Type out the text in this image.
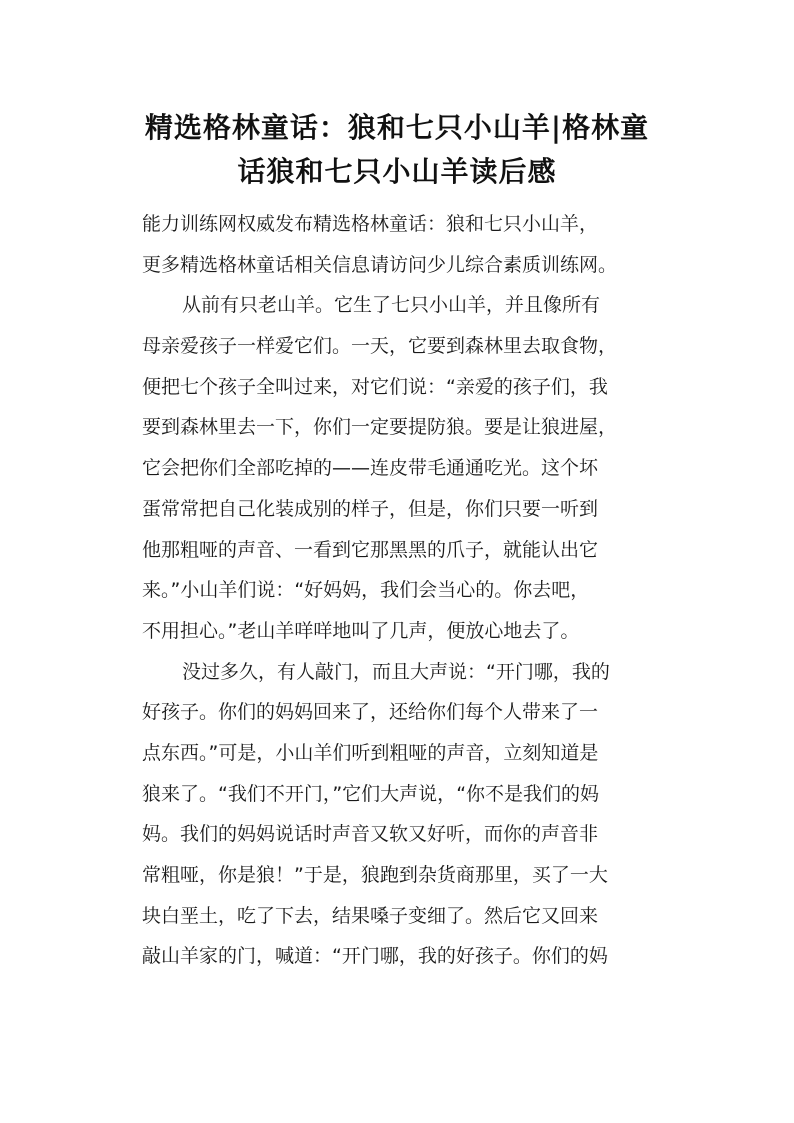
精选格林童话：狼和七只小山羊|格林童
话狼和七只小山羊读后感
能力训练网权威发布精选格林童话：狼和七只小山羊，
更多精选格林童话相关信息请访问少儿综合素质训练网。
从前有只老山羊。它生了七只小山羊，并且像所有
母亲爱孩子一样爱它们。一天，它要到森林里去取食物，
便把七个孩子全叫过来，对它们说：“亲爱的孩子们，我
要到森林里去一下，你们一定要提防狼。要是让狼进屋，
它会把你们全部吃掉的——连皮带毛通通吃光。这个坏
蛋常常把自己化装成别的样子，但是，你们只要一听到
他那粗哑的声音、一看到它那黑黑的爪子，就能认出它
来。”小山羊们说：“好妈妈，我们会当心的。你去吧，
不用担心。”老山羊咩咩地叫了几声，便放心地去了。
没过多久，有人敲门，而且大声说：“开门哪，我的
好孩子。你们的妈妈回来了，还给你们每个人带来了一
点东西。”可是，小山羊们听到粗哑的声音，立刻知道是
狼来了。“我们不开门，”它们大声说，“你不是我们的妈
妈。我们的妈妈说话时声音又软又好听，而你的声音非
常粗哑，你是狼！”于是，狼跑到杂货商那里，买了一大
块白垩土，吃了下去，结果嗓子变细了。然后它又回来
敲山羊家的门，喊道：“开门哪，我的好孩子。你们的妈
